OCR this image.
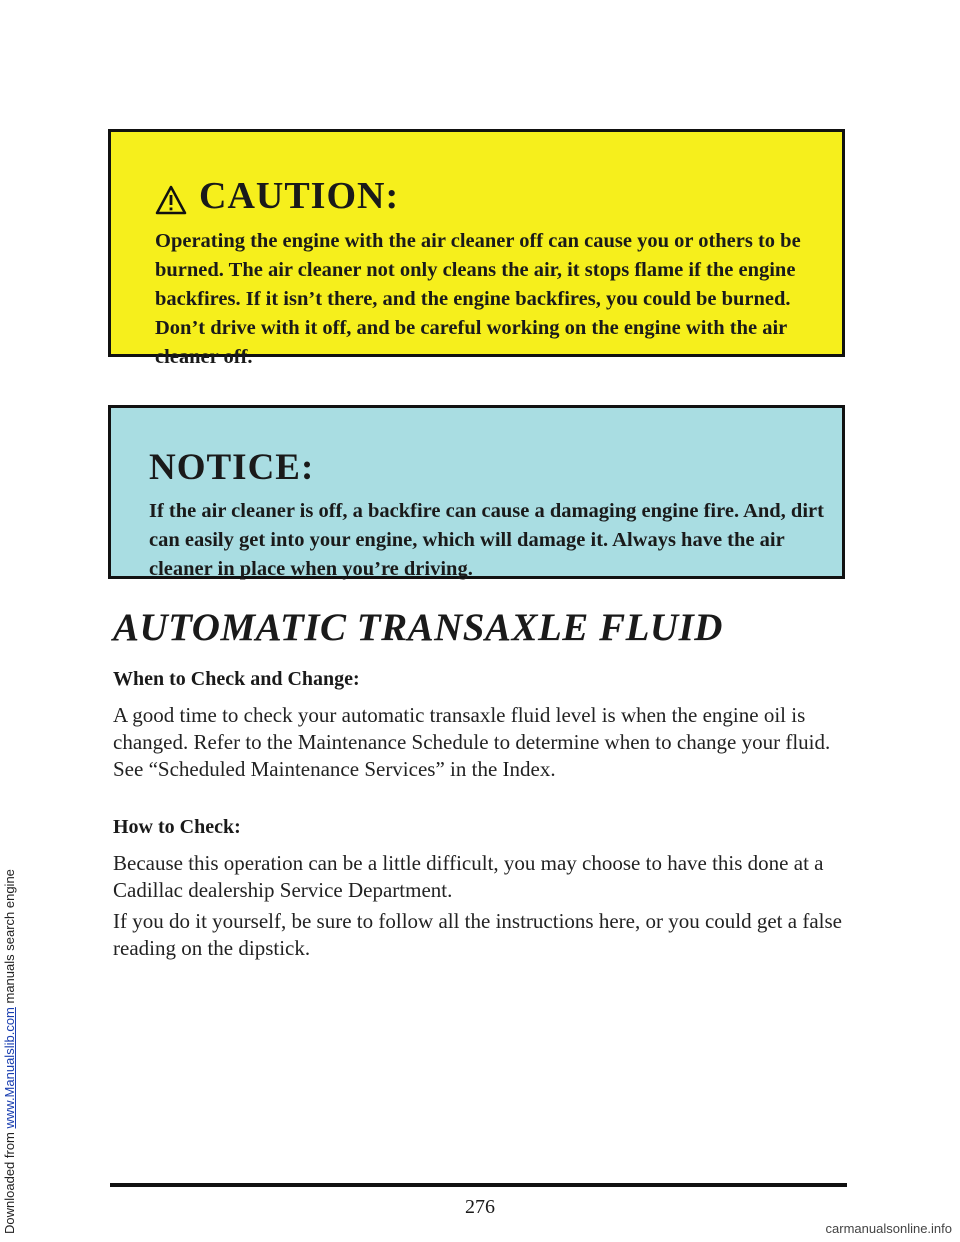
Downloaded from www.Manualslib.com manuals search engine
CAUTION:
Operating the engine with the air cleaner off can cause you or others to be burned. The air cleaner not only cleans the air, it stops flame if the engine backfires. If it isn’t there, and the engine backfires, you could be burned. Don’t drive with it off, and be careful working on the engine with the air cleaner off.
NOTICE:
If the air cleaner is off, a backfire can cause a damaging engine fire. And, dirt can easily get into your engine, which will damage it. Always have the air cleaner in place when you’re driving.
AUTOMATIC TRANSAXLE FLUID
When to Check and Change:
A good time to check your automatic transaxle fluid level is when the engine oil is changed. Refer to the Maintenance Schedule to determine when to change your fluid. See “Scheduled Maintenance Services” in the Index.
How to Check:
Because this operation can be a little difficult, you may choose to have this done at a Cadillac dealership Service Department.
If you do it yourself, be sure to follow all the instructions here, or you could get a false reading on the dipstick.
276
carmanualsonline.info
